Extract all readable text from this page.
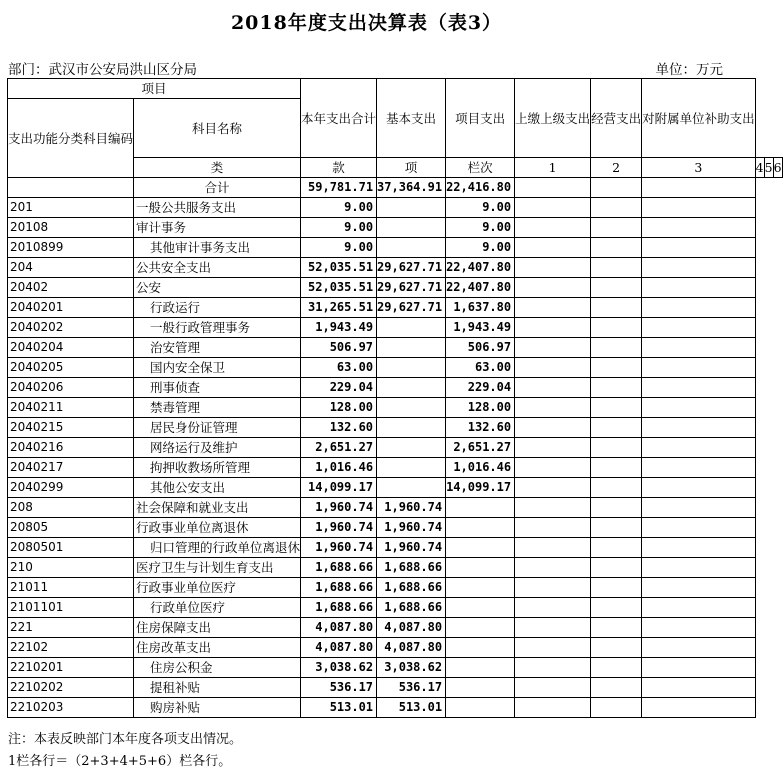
2018年度支出决算表（表3）
部门：武汉市公安局洪山区分局	单位：万元
项目		本年支出合计	基本支出	项目支出	上缴上级支出	经营支出	对附属单位补助支出			
支出功能分类科目编码	科目名称									

	类	款	项	栏次	1	2	3	4	5	6
	合计	59,781.71	37,364.91	22,416.80						
201	一般公共服务支出	9.00		9.00						
20108	审计事务	9.00		9.00						
2010899	其他审计事务支出	9.00		9.00						
204	公共安全支出	52,035.51	29,627.71	22,407.80						
20402	公安	52,035.51	29,627.71	22,407.80						
2040201	行政运行	31,265.51	29,627.71	1,637.80						
2040202	一般行政管理事务	1,943.49		1,943.49						
2040204	治安管理	506.97		506.97						
2040205	国内安全保卫	63.00		63.00						
2040206	刑事侦查	229.04		229.04						
2040211	禁毒管理	128.00		128.00						
2040215	居民身份证管理	132.60		132.60						
2040216	网络运行及维护	2,651.27		2,651.27						
2040217	拘押收教场所管理	1,016.46		1,016.46						
2040299	其他公安支出	14,099.17		14,099.17						
208	社会保障和就业支出	1,960.74	1,960.74							
20805	行政事业单位离退休	1,960.74	1,960.74							
2080501	归口管理的行政单位离退休	1,960.74	1,960.74							
210	医疗卫生与计划生育支出	1,688.66	1,688.66							
21011	行政事业单位医疗	1,688.66	1,688.66							
2101101	行政单位医疗	1,688.66	1,688.66							
221	住房保障支出	4,087.80	4,087.80							
22102	住房改革支出	4,087.80	4,087.80							
2210201	住房公积金	3,038.62	3,038.62							
2210202	提租补贴	536.17	536.17							
2210203	购房补贴	513.01	513.01							
注：本表反映部门本年度各项支出情况。
1栏各行＝（2+3+4+5+6）栏各行。
